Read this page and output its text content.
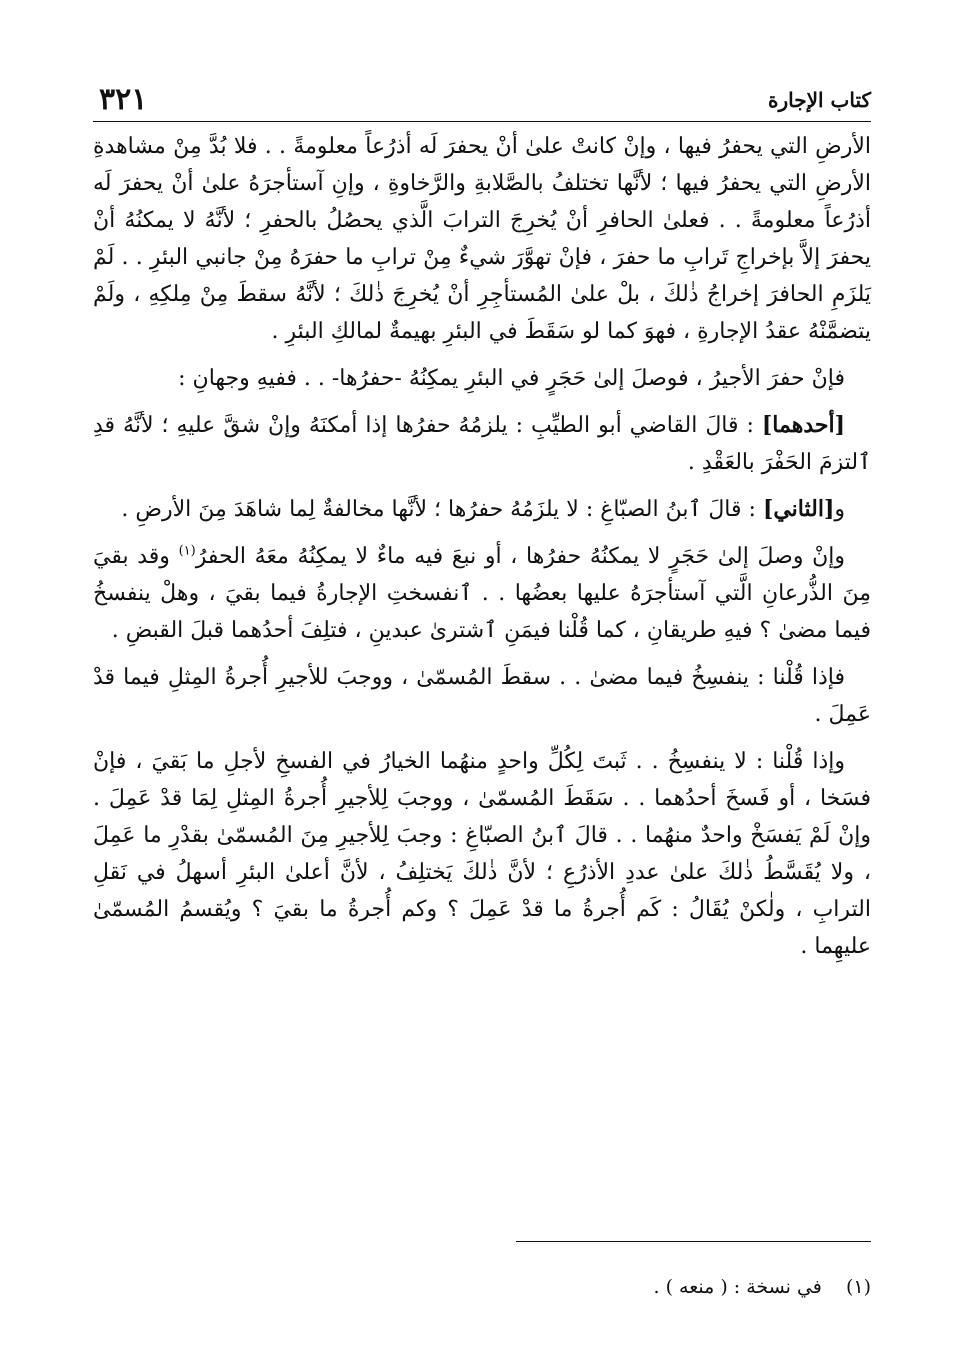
كتاب الإجارة
٣٢١

الأرضِ التي يحفرُ فيها ، وإنْ كانتْ علىٰ أنْ يحفرَ لَه أذرُعاً معلومةً . . فلا بُدَّ مِنْ مشاهدةِ الأرضِ التي يحفرُ فيها ؛ لأنَّها تختلفُ بالصَّلابةِ والرَّخاوةِ ، وإنِ آستأجرَهُ علىٰ أنْ يحفرَ لَه أذرُعاً معلومةً . . فعلىٰ الحافرِ أنْ يُخرِجَ الترابَ الَّذي يحصُلُ بالحفرِ ؛ لأنَّهُ لا يمكنُهُ أنْ يحفرَ إلاَّ بإخراجِ تَرابِ ما حفرَ ، فإنْ تهوَّرَ شيءٌ مِنْ ترابِ ما حفرَهُ مِنْ جانبي البئرِ . . لَمْ يَلزَمِ الحافرَ إخراجُ ذٰلكَ ، بلْ علىٰ المُستأجِرِ أنْ يُخرِجَ ذٰلكَ ؛ لأنَّهُ سقطَ مِنْ مِلكِهِ ، ولَمْ يتضمَّنْهُ عقدُ الإجارةِ ، فهوَ كما لو سَقَطَ في البئرِ بهيمةٌ لمالكِ البئرِ .

فإنْ حفرَ الأجيرُ ، فوصلَ إلىٰ حَجَرٍ في البئرِ يمكِنُهُ -حفرُها- . . ففيهِ وجهانِ :

[أحدهما] : قالَ القاضي أبو الطيِّبِ : يلزمُهُ حفرُها إذا أمكنَهُ وإنْ شقَّ عليهِ ؛ لأنَّهُ قدِ ٱلتزمَ الحَفْرَ بالعَقْدِ .

و[الثاني] : قالَ ٱبنُ الصبّاغِ : لا يلزَمُهُ حفرُها ؛ لأنَّها مخالفةٌ لِما شاهَدَ مِنَ الأرضِ .

وإنْ وصلَ إلىٰ حَجَرٍ لا يمكنُهُ حفرُها ، أو نبعَ فيه ماءٌ لا يمكِنُهُ معَهُ الحفرُ$^{(١)}$ وقد بقيَ مِنَ الذُّرعانِ الَّتي آستأجرَهُ عليها بعضُها . . ٱنفسختِ الإجارةُ فيما بقيَ ، وهلْ ينفسخُ فيما مضىٰ ؟ فيهِ طريقانِ ، كما قُلْنا فيمَنِ ٱشترىٰ عبدينِ ، فتلِفَ أحدُهما قبلَ القبضِ .

فإذا قُلْنا : ينفسِخُ فيما مضىٰ . . سقطَ المُسمّىٰ ، ووجبَ للأجيرِ أُجرةُ المِثلِ فيما قدْ عَمِلَ .

وإذا قُلْنا : لا ينفسِخُ . . ثَبتَ لِكُلِّ واحدٍ منهُما الخيارُ في الفسخِ لأجلِ ما بَقيَ ، فإنْ فسَخا ، أو فَسخَ أحدُهما . . سَقَطَ المُسمّىٰ ، ووجبَ لِلأجيرِ أُجرةُ المِثلِ لِمَا قدْ عَمِلَ . وإنْ لَمْ يَفسَخْ واحدٌ منهُما . . قالَ ٱبنُ الصبّاغِ : وجبَ لِلأجيرِ مِنَ المُسمّىٰ بقدْرِ ما عَمِلَ ، ولا يُقَسَّطُ ذٰلكَ علىٰ عددِ الأذرُعِ ؛ لأنَّ ذٰلكَ يَختلِفُ ، لأنَّ أعلىٰ البئرِ أسهلُ في نَقلِ الترابِ ، ولٰكنْ يُقَالُ : كَم أُجرةُ ما قدْ عَمِلَ ؟ وكم أُجرةُ ما بقيَ ؟ ويُقسمُ المُسمّىٰ عليهِما .

(١) في نسخة : ( منعه ) .
